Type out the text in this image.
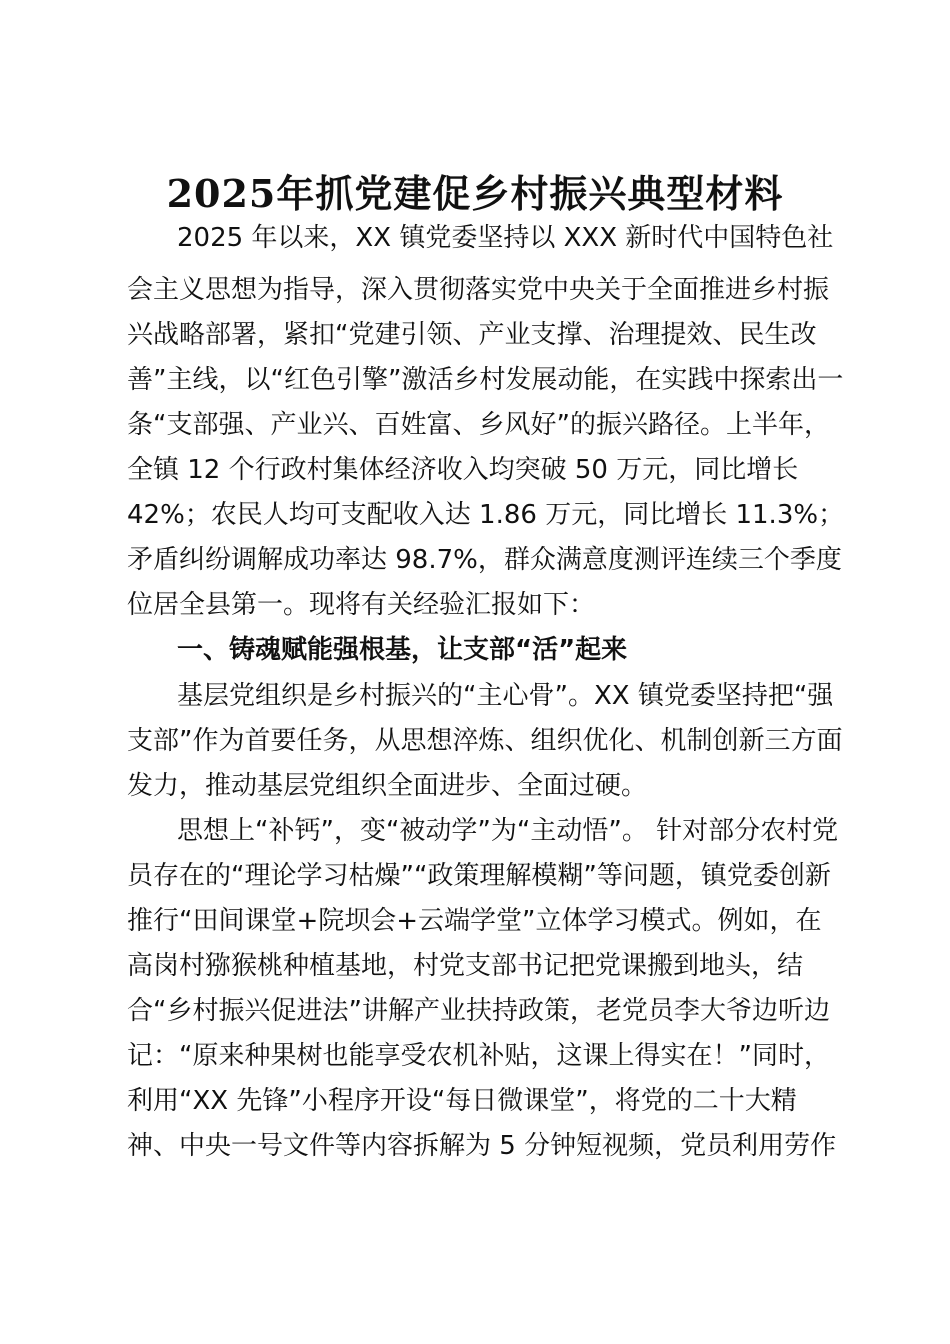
2025年抓党建促乡村振兴典型材料
2025 年以来，XX 镇党委坚持以 XXX 新时代中国特色社
会主义思想为指导，深入贯彻落实党中央关于全面推进乡村振
兴战略部署，紧扣“党建引领、产业支撑、治理提效、民生改
善”主线，以“红色引擎”激活乡村发展动能，在实践中探索出一
条“支部强、产业兴、百姓富、乡风好”的振兴路径。上半年，
全镇 12 个行政村集体经济收入均突破 50 万元，同比增长
42%；农民人均可支配收入达 1.86 万元，同比增长 11.3%；
矛盾纠纷调解成功率达 98.7%，群众满意度测评连续三个季度
位居全县第一。现将有关经验汇报如下：
一、铸魂赋能强根基，让支部“活”起来
基层党组织是乡村振兴的“主心骨”。XX 镇党委坚持把“强
支部”作为首要任务，从思想淬炼、组织优化、机制创新三方面
发力，推动基层党组织全面进步、全面过硬。
思想上“补钙”，变“被动学”为“主动悟”。 针对部分农村党
员存在的“理论学习枯燥”“政策理解模糊”等问题，镇党委创新
推行“田间课堂+院坝会+云端学堂”立体学习模式。例如，在
高岗村猕猴桃种植基地，村党支部书记把党课搬到地头，结
合“乡村振兴促进法”讲解产业扶持政策，老党员李大爷边听边
记：“原来种果树也能享受农机补贴，这课上得实在！”同时，
利用“XX 先锋”小程序开设“每日微课堂”，将党的二十大精
神、中央一号文件等内容拆解为 5 分钟短视频，党员利用劳作
